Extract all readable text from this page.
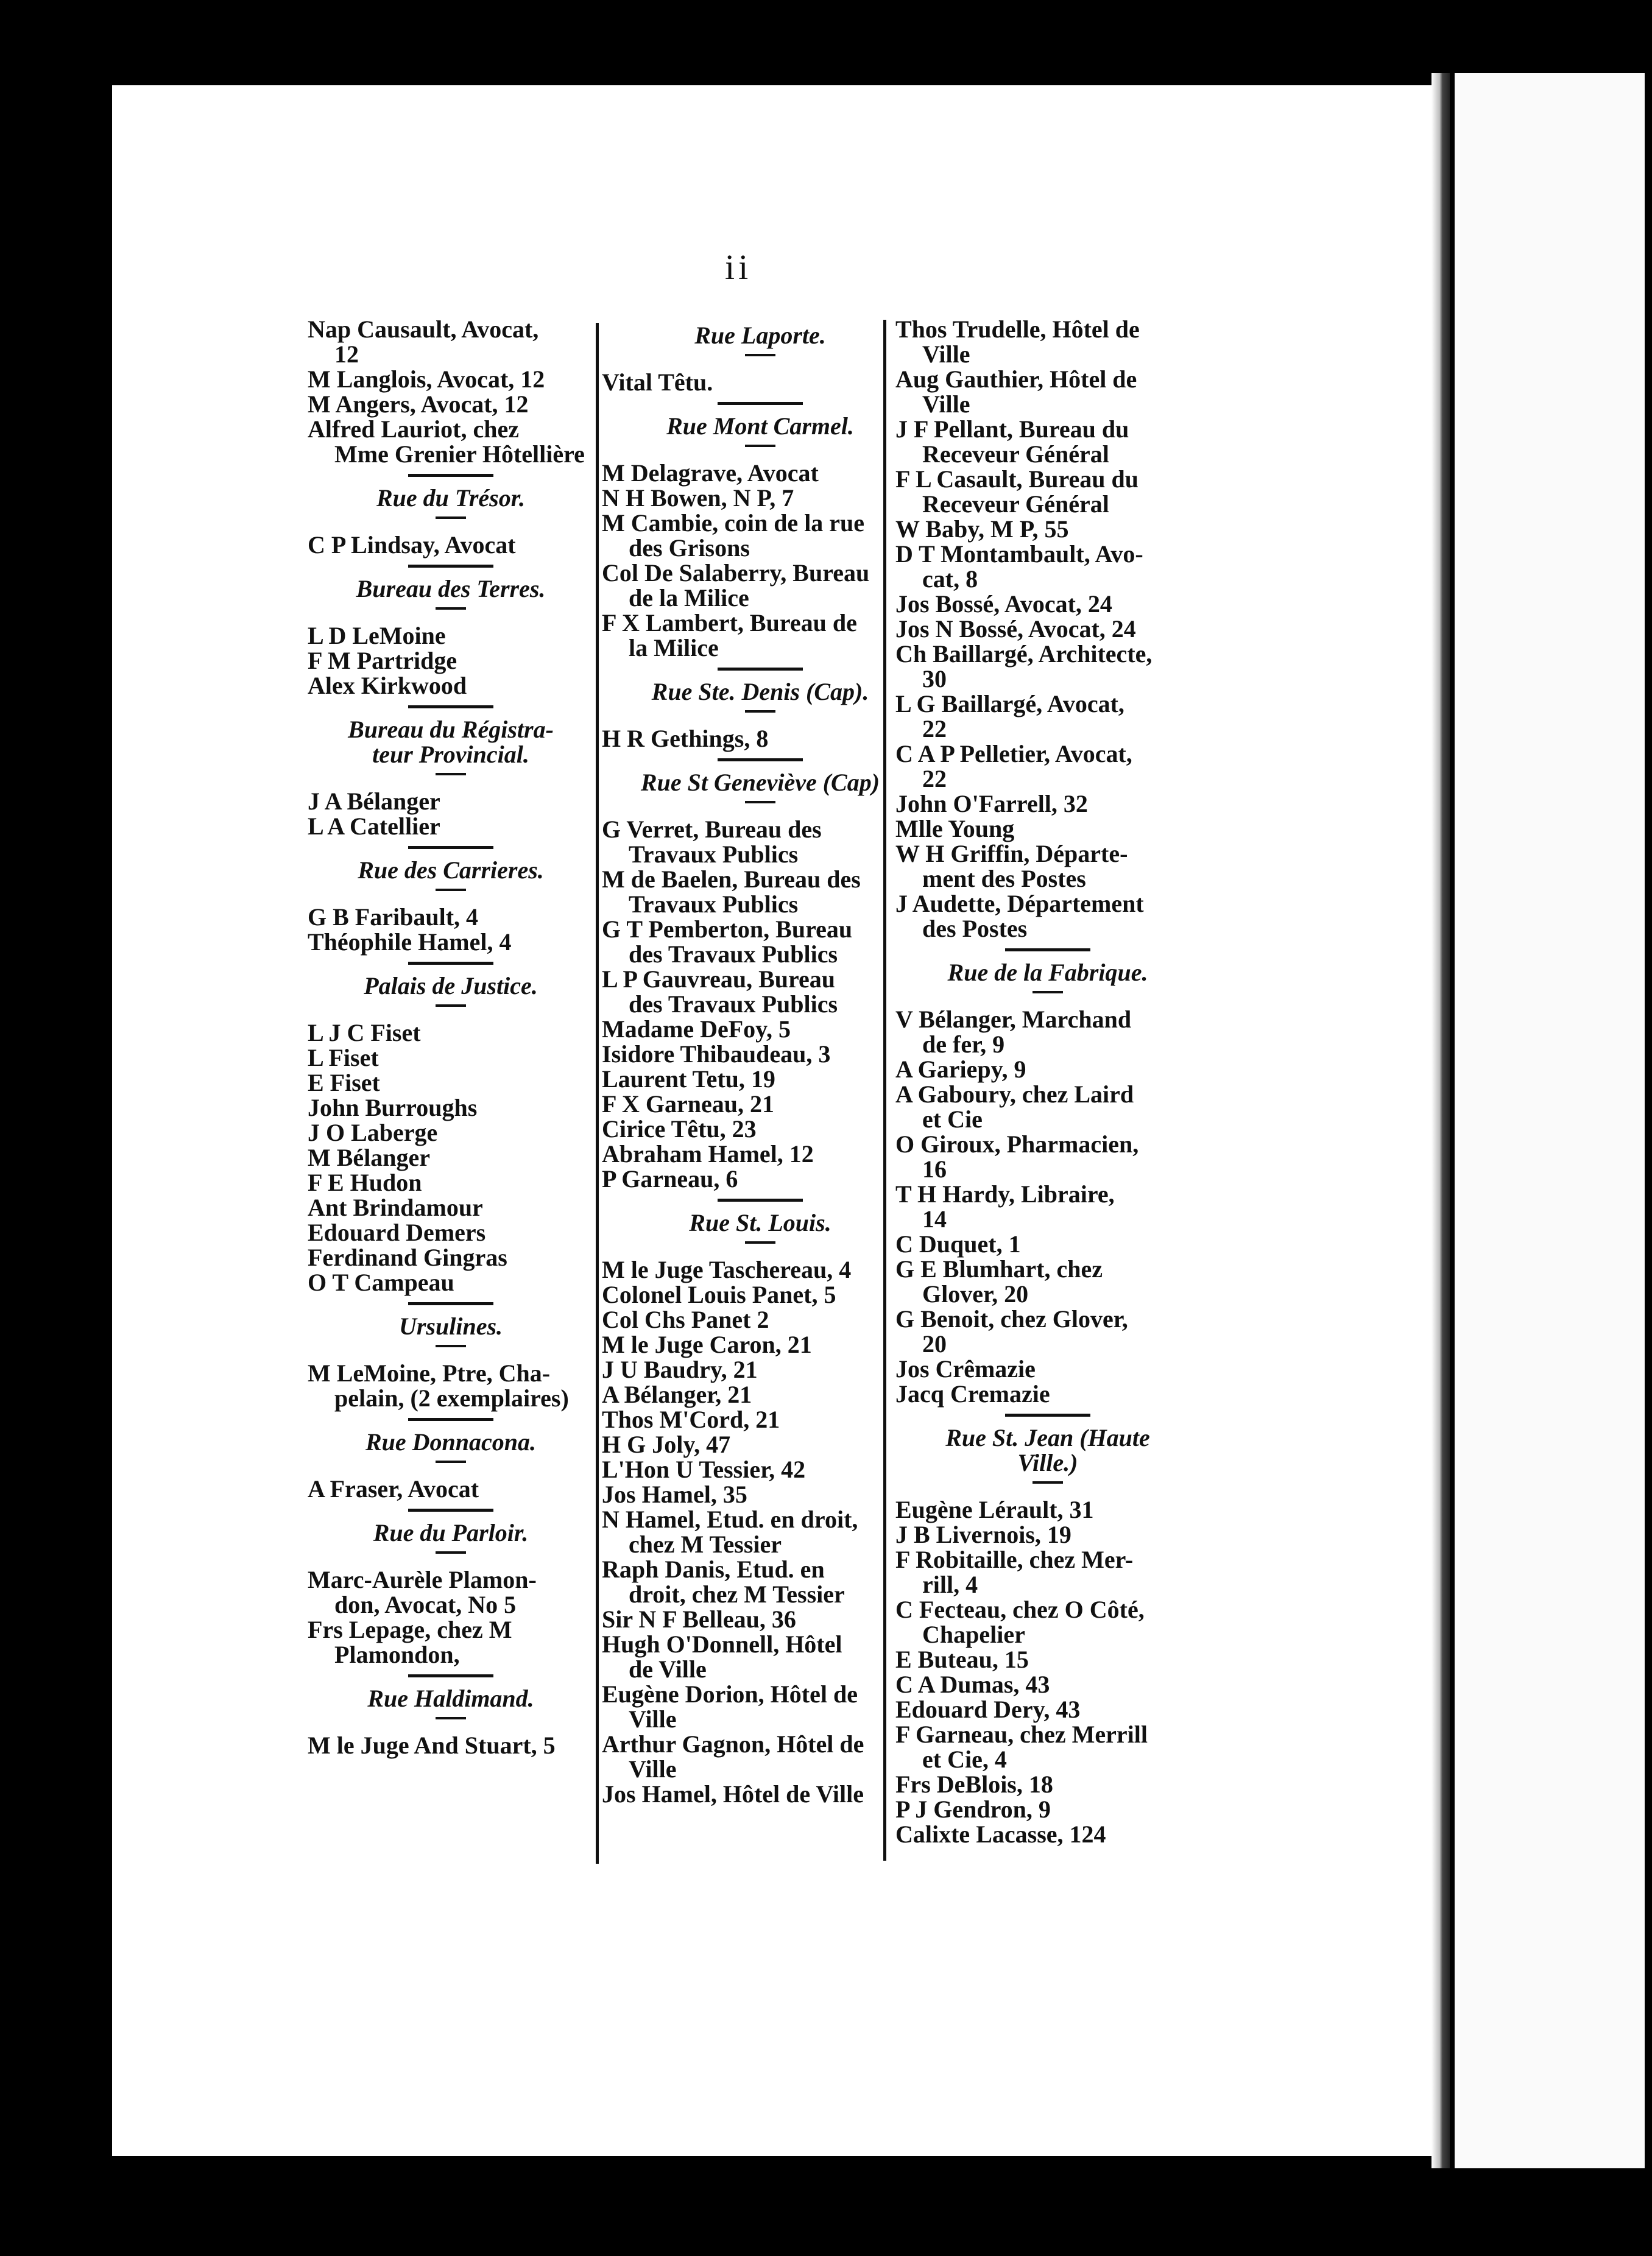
ii
Nap Causault, Avocat,
12
M Langlois, Avocat, 12
M Angers, Avocat, 12
Alfred Lauriot, chez
Mme Grenier Hôtellière
Rue du Trésor.
C P Lindsay, Avocat
Bureau des Terres.
L D LeMoine
F M Partridge
Alex Kirkwood
Bureau du Régistra-
teur Provincial.
J A Bélanger
L A Catellier
Rue des Carrieres.
G B Faribault, 4
Théophile Hamel, 4
Palais de Justice.
L J C Fiset
L Fiset
E Fiset
John Burroughs
J O Laberge
M Bélanger
F E Hudon
Ant Brindamour
Edouard Demers
Ferdinand Gingras
O T Campeau
Ursulines.
M LeMoine, Ptre, Cha-
pelain, (2 exemplaires)
Rue Donnacona.
A Fraser, Avocat
Rue du Parloir.
Marc-Aurèle Plamon-
don, Avocat, No 5
Frs Lepage, chez M
Plamondon,
Rue Haldimand.
M le Juge And Stuart, 5
Rue Laporte.
Vital Têtu.
Rue Mont Carmel.
M Delagrave, Avocat
N H Bowen, N P, 7
M Cambie, coin de la rue
des Grisons
Col De Salaberry, Bureau
de la Milice
F X Lambert, Bureau de
la Milice
Rue Ste. Denis (Cap).
H R Gethings, 8
Rue St Geneviève (Cap)
G Verret, Bureau des
Travaux Publics
M de Baelen, Bureau des
Travaux Publics
G T Pemberton, Bureau
des Travaux Publics
L P Gauvreau, Bureau
des Travaux Publics
Madame DeFoy, 5
Isidore Thibaudeau, 3
Laurent Tetu, 19
F X Garneau, 21
Cirice Têtu, 23
Abraham Hamel, 12
P Garneau, 6
Rue St. Louis.
M le Juge Taschereau, 4
Colonel Louis Panet, 5
Col Chs Panet 2
M le Juge Caron, 21
J U Baudry, 21
A Bélanger, 21
Thos M'Cord, 21
H G Joly, 47
L'Hon U Tessier, 42
Jos Hamel, 35
N Hamel, Etud. en droit,
chez M Tessier
Raph Danis, Etud. en
droit, chez M Tessier
Sir N F Belleau, 36
Hugh O'Donnell, Hôtel
de Ville
Eugène Dorion, Hôtel de
Ville
Arthur Gagnon, Hôtel de
Ville
Jos Hamel, Hôtel de Ville
Thos Trudelle, Hôtel de
Ville
Aug Gauthier, Hôtel de
Ville
J F Pellant, Bureau du
Receveur Général
F L Casault, Bureau du
Receveur Général
W Baby, M P, 55
D T Montambault, Avo-
cat, 8
Jos Bossé, Avocat, 24
Jos N Bossé, Avocat, 24
Ch Baillargé, Architecte,
30
L G Baillargé, Avocat,
22
C A P Pelletier, Avocat,
22
John O'Farrell, 32
Mlle Young
W H Griffin, Départe-
ment des Postes
J Audette, Département
des Postes
Rue de la Fabrique.
V Bélanger, Marchand
de fer, 9
A Gariepy, 9
A Gaboury, chez Laird
et Cie
O Giroux, Pharmacien,
16
T H Hardy, Libraire,
14
C Duquet, 1
G E Blumhart, chez
Glover, 20
G Benoit, chez Glover,
20
Jos Crêmazie
Jacq Cremazie
Rue St. Jean (Haute
Ville.)
Eugène Lérault, 31
J B Livernois, 19
F Robitaille, chez Mer-
rill, 4
C Fecteau, chez O Côté,
Chapelier
E Buteau, 15
C A Dumas, 43
Edouard Dery, 43
F Garneau, chez Merrill
et Cie, 4
Frs DeBlois, 18
P J Gendron, 9
Calixte Lacasse, 124
